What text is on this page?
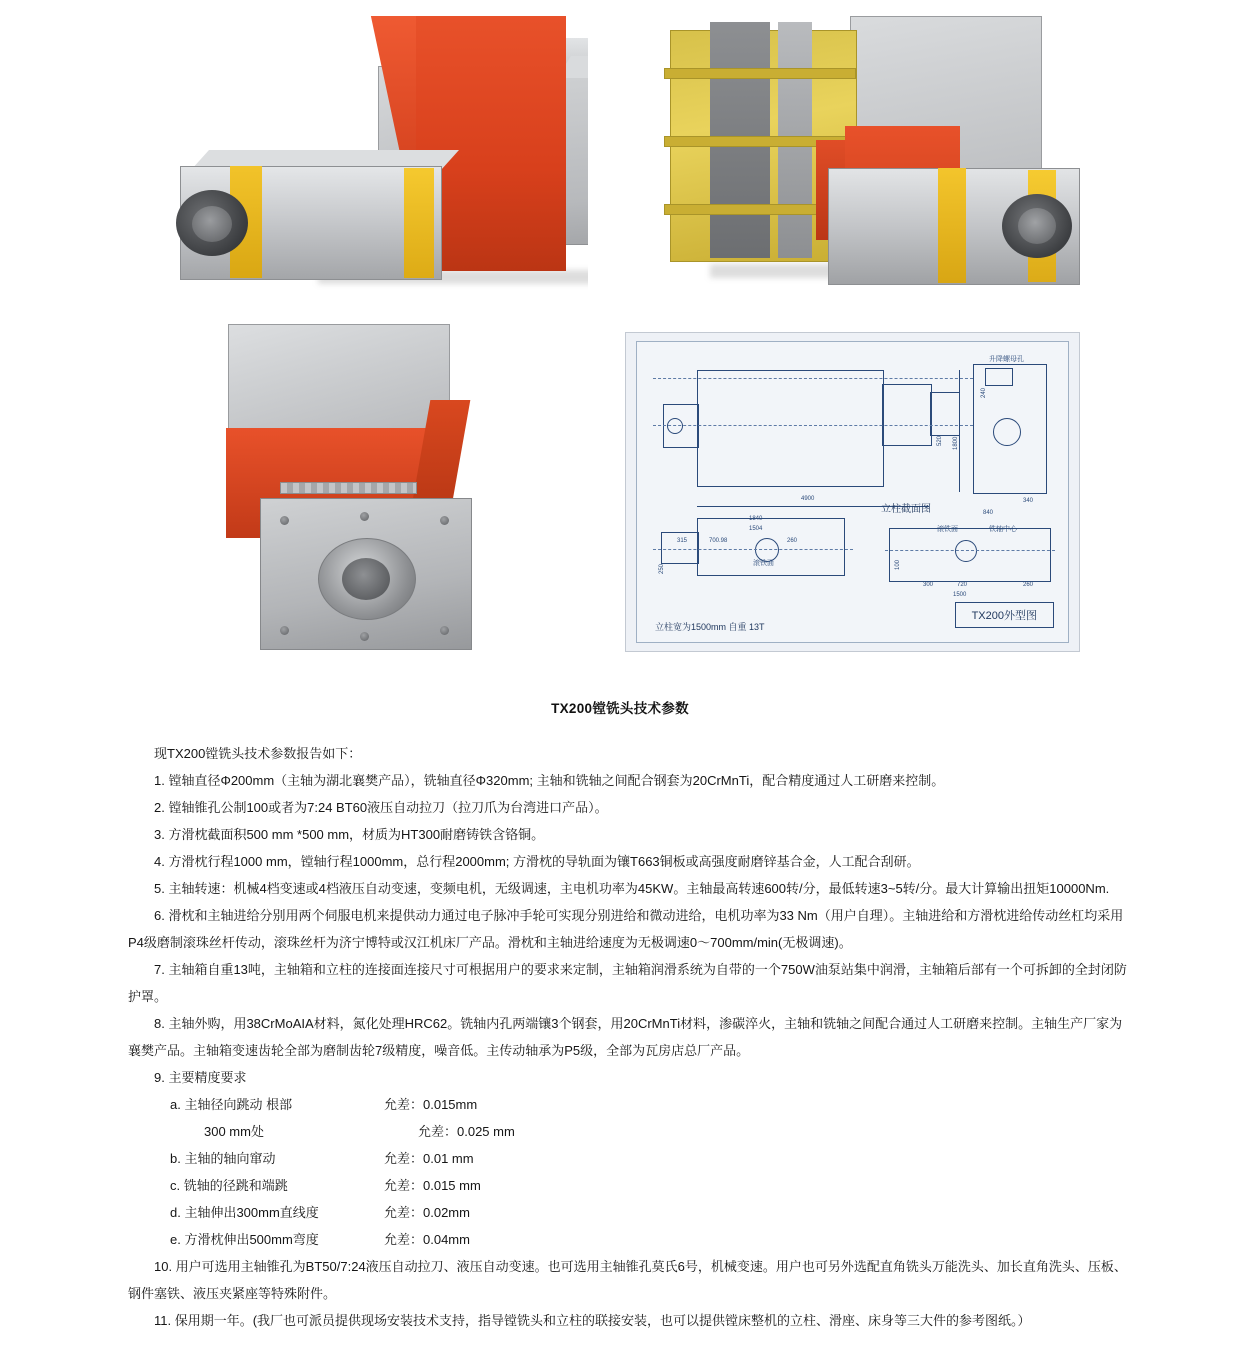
4900
1800
520
240
340
840
1840
1504
315	700.98	260
250
300	720
1500
260
100
升降螺母孔
滚铁面
滚铁面	铁轴中心
立柱截面图
立柱宽为1500mm 自重 13T
TX200外型图
TX200镗铣头技术参数

现TX200镗铣头技术参数报告如下：

1. 镗轴直径Φ200mm（主轴为湖北襄樊产品），铣轴直径Φ320mm; 主轴和铣轴之间配合钢套为20CrMnTi，配合精度通过人工研磨来控制。

2. 镗轴锥孔公制100或者为7:24 BT60液压自动拉刀（拉刀爪为台湾进口产品）。

3. 方滑枕截面积500 mm *500 mm，材质为HT300耐磨铸铁含铬铜。

4. 方滑枕行程1000 mm，镗轴行程1000mm，总行程2000mm; 方滑枕的导轨面为镶T663铜板或高强度耐磨锌基合金，人工配合刮研。

5. 主轴转速：机械4档变速或4档液压自动变速，变频电机，无级调速，主电机功率为45KW。主轴最高转速600转/分，最低转速3~5转/分。最大计算输出扭矩10000Nm.

6. 滑枕和主轴进给分别用两个伺服电机来提供动力通过电子脉冲手轮可实现分别进给和微动进给，电机功率为33 Nm（用户自理）。主轴进给和方滑枕进给传动丝杠均采用P4级磨制滚珠丝杆传动，滚珠丝杆为济宁博特或汉江机床厂产品。滑枕和主轴进给速度为无极调速0～700mm/min(无极调速)。

7. 主轴箱自重13吨，主轴箱和立柱的连接面连接尺寸可根据用户的要求来定制，主轴箱润滑系统为自带的一个750W油泵站集中润滑，主轴箱后部有一个可拆卸的全封闭防护罩。

8. 主轴外购，用38CrMoAIA材料，氮化处理HRC62。铣轴内孔两端镶3个钢套，用20CrMnTi材料，渗碳淬火，主轴和铣轴之间配合通过人工研磨来控制。主轴生产厂家为襄樊产品。主轴箱变速齿轮全部为磨制齿轮7级精度，噪音低。主传动轴承为P5级，全部为瓦房店总厂产品。

9. 主要精度要求

a. 主轴径向跳动 根部	允差：0.015mm
300 mm处	允差：0.025 mm
b. 主轴的轴向窜动	允差：0.01 mm
c. 铣轴的径跳和端跳	允差：0.015 mm
d. 主轴伸出300mm直线度	允差：0.02mm
e. 方滑枕伸出500mm弯度	允差：0.04mm

10. 用户可选用主轴锥孔为BT50/7:24液压自动拉刀、液压自动变速。也可选用主轴锥孔莫氏6号，机械变速。用户也可另外选配直角铣头万能洗头、加长直角洗头、压板、钢件塞铁、液压夹紧座等特殊附件。

11. 保用期一年。(我厂也可派员提供现场安装技术支持，指导镗铣头和立柱的联接安装，也可以提供镗床整机的立柱、滑座、床身等三大件的参考图纸。）
